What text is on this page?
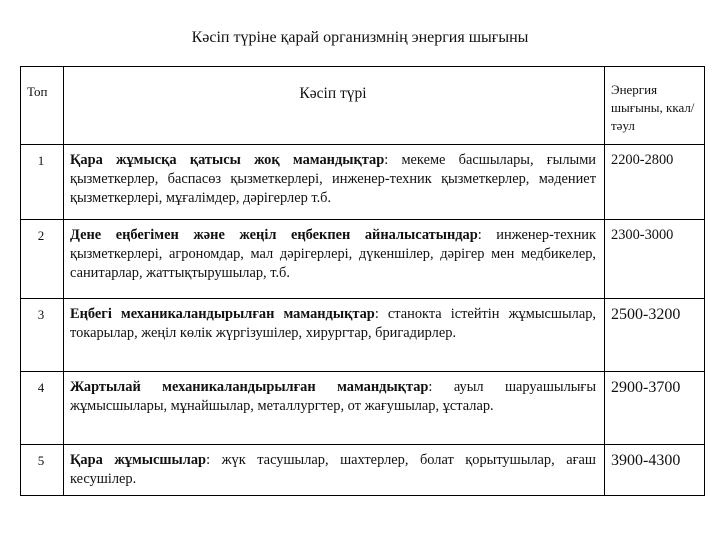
Кәсіп түріне қарай организмнің энергия шығыны
Топ	Кәсіп түрі	Энергия шығыны, ккал/тәул
1	Қара жұмысқа қатысы жоқ мамандықтар: мекеме басшылары, ғылыми қызметкерлер, баспасөз қызметкерлері, инженер-техник қызметкерлер, мәдениет қызметкерлері, мұғалімдер, дәрігерлер т.б.	2200-2800
2	Дене еңбегімен және жеңіл еңбекпен айналысатындар: инженер-техник қызметкерлері, агрономдар, мал дәрігерлері, дүкеншілер, дәрігер мен медбикелер, санитарлар, жаттықтырушылар, т.б.	2300-3000
3	Еңбегі механикаландырылған мамандықтар: станокта істейтін жұмысшылар, токарылар, жеңіл көлік жүргізушілер, хирургтар, бригадирлер.	2500-3200
4	Жартылай механикаландырылған мамандықтар: ауыл шаруашылығы жұмысшылары, мұнайшылар, металлургтер, от жағушылар, ұсталар.	2900-3700
5	Қара жұмысшылар: жүк тасушылар, шахтерлер, болат қорытушылар, ағаш кесушілер.	3900-4300
